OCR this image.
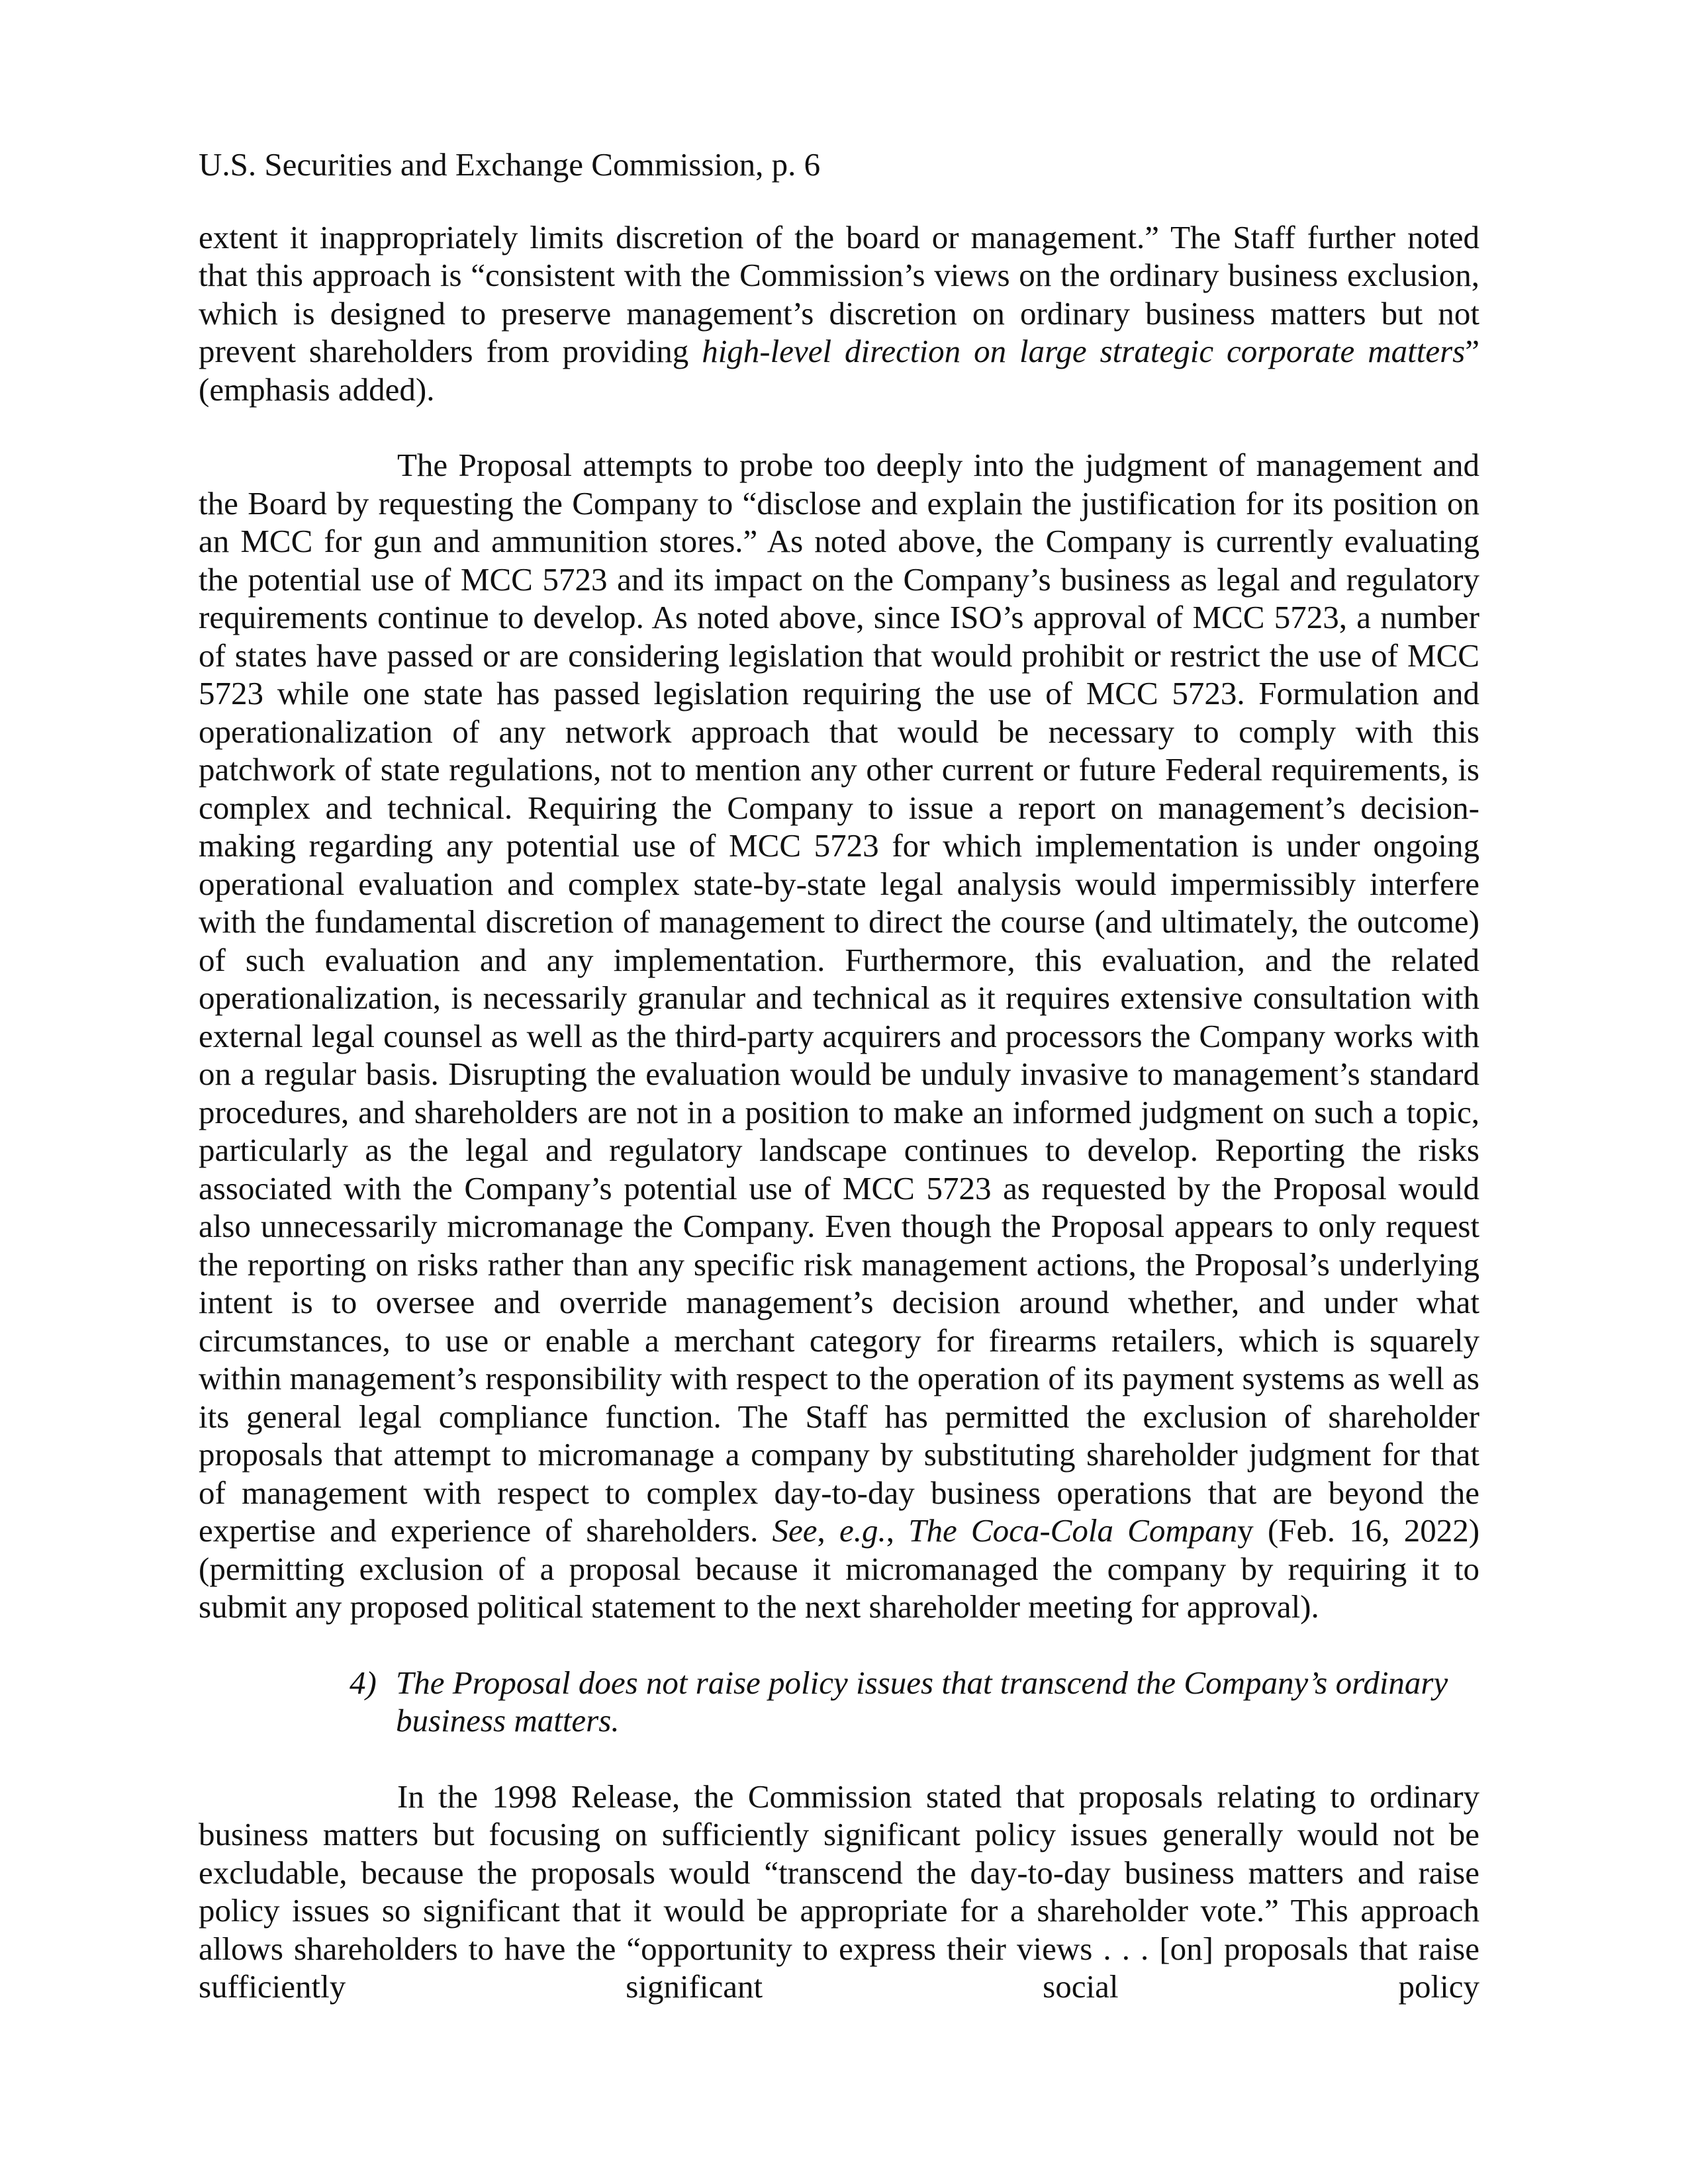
U.S. Securities and Exchange Commission, p. 6

extent it inappropriately limits discretion of the board or management.” The Staff further noted that this approach is “consistent with the Commission’s views on the ordinary business exclusion, which is designed to preserve management’s discretion on ordinary business matters but not prevent shareholders from providing high-level direction on large strategic corporate matters” (emphasis added).

The Proposal attempts to probe too deeply into the judgment of management and the Board by requesting the Company to “disclose and explain the justification for its position on an MCC for gun and ammunition stores.” As noted above, the Company is currently evaluating the potential use of MCC 5723 and its impact on the Company’s business as legal and regulatory requirements continue to develop. As noted above, since ISO’s approval of MCC 5723, a number of states have passed or are considering legislation that would prohibit or restrict the use of MCC 5723 while one state has passed legislation requiring the use of MCC 5723. Formulation and operationalization of any network approach that would be necessary to comply with this patchwork of state regulations, not to mention any other current or future Federal requirements, is complex and technical. Requiring the Company to issue a report on management’s decision-making regarding any potential use of MCC 5723 for which implementation is under ongoing operational evaluation and complex state-by-state legal analysis would impermissibly interfere with the fundamental discretion of management to direct the course (and ultimately, the outcome) of such evaluation and any implementation. Furthermore, this evaluation, and the related operationalization, is necessarily granular and technical as it requires extensive consultation with external legal counsel as well as the third-party acquirers and processors the Company works with on a regular basis. Disrupting the evaluation would be unduly invasive to management’s standard procedures, and shareholders are not in a position to make an informed judgment on such a topic, particularly as the legal and regulatory landscape continues to develop. Reporting the risks associated with the Company’s potential use of MCC 5723 as requested by the Proposal would also unnecessarily micromanage the Company. Even though the Proposal appears to only request the reporting on risks rather than any specific risk management actions, the Proposal’s underlying intent is to oversee and override management’s decision around whether, and under what circumstances, to use or enable a merchant category for firearms retailers, which is squarely within management’s responsibility with respect to the operation of its payment systems as well as its general legal compliance function. The Staff has permitted the exclusion of shareholder proposals that attempt to micromanage a company by substituting shareholder judgment for that of management with respect to complex day-to-day business operations that are beyond the expertise and experience of shareholders. See, e.g., The Coca-Cola Company (Feb. 16, 2022) (permitting exclusion of a proposal because it micromanaged the company by requiring it to submit any proposed political statement to the next shareholder meeting for approval).

4) The Proposal does not raise policy issues that transcend the Company’s ordinary business matters.

In the 1998 Release, the Commission stated that proposals relating to ordinary business matters but focusing on sufficiently significant policy issues generally would not be excludable, because the proposals would “transcend the day-to-day business matters and raise policy issues so significant that it would be appropriate for a shareholder vote.” This approach allows shareholders to have the “opportunity to express their views . . . [on] proposals that raise sufficiently significant social policy
